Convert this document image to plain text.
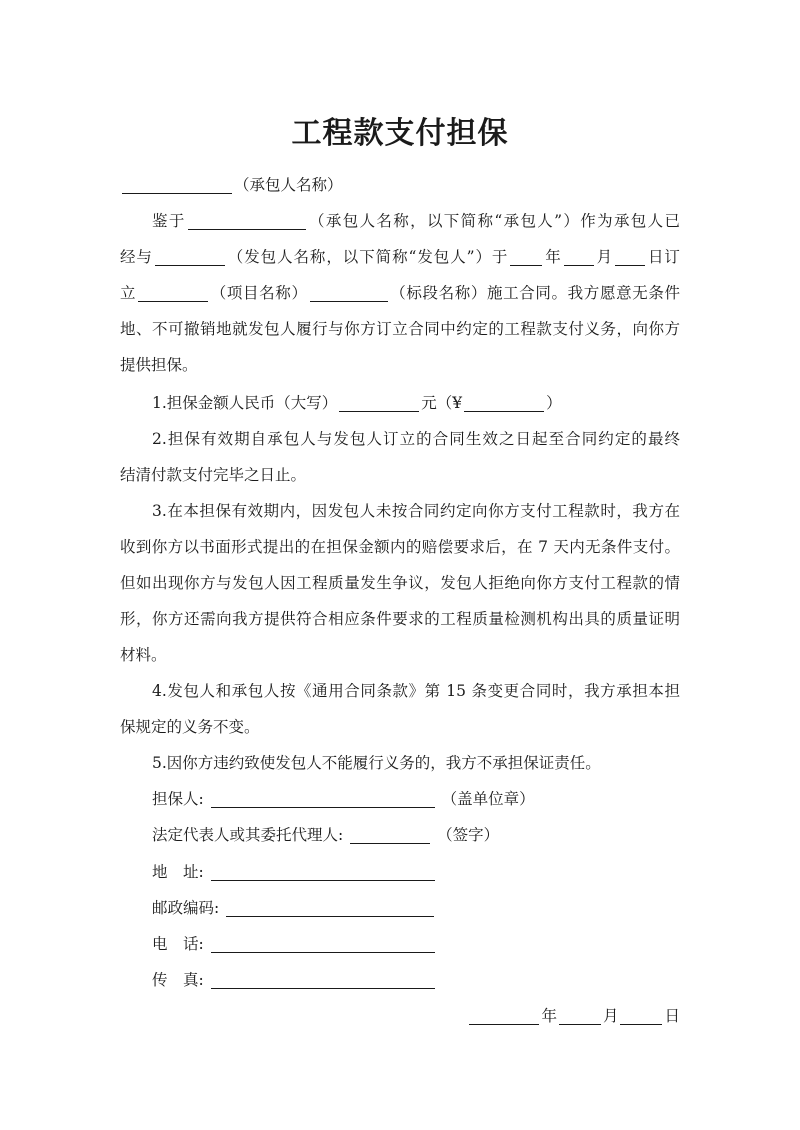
工程款支付担保
（承包人名称）
鉴于	（承包人名称，以下简称“承包人”）作为承包人已
经与	（发包人名称，以下简称“发包人”）于 年 月 日订
立	（项目名称）	（标段名称）施工合同。我方愿意无条件
地、不可撤销地就发包人履行与你方订立合同中约定的工程款支付义务，向你方
提供担保。
1.担保金额人民币（大写）	元（¥	）
2.担保有效期自承包人与发包人订立的合同生效之日起至合同约定的最终
结清付款支付完毕之日止。
3.在本担保有效期内，因发包人未按合同约定向你方支付工程款时，我方在
收到你方以书面形式提出的在担保金额内的赔偿要求后，在 7 天内无条件支付。
但如出现你方与发包人因工程质量发生争议，发包人拒绝向你方支付工程款的情
形，你方还需向我方提供符合相应条件要求的工程质量检测机构出具的质量证明
材料。
4.发包人和承包人按《通用合同条款》第 15 条变更合同时，我方承担本担
保规定的义务不变。
5.因你方违约致使发包人不能履行义务的，我方不承担保证责任。
担保人:	（盖单位章）
法定代表人或其委托代理人:	（签字）
地　址:
邮政编码:
电　话:
传　真:
年	月	日
